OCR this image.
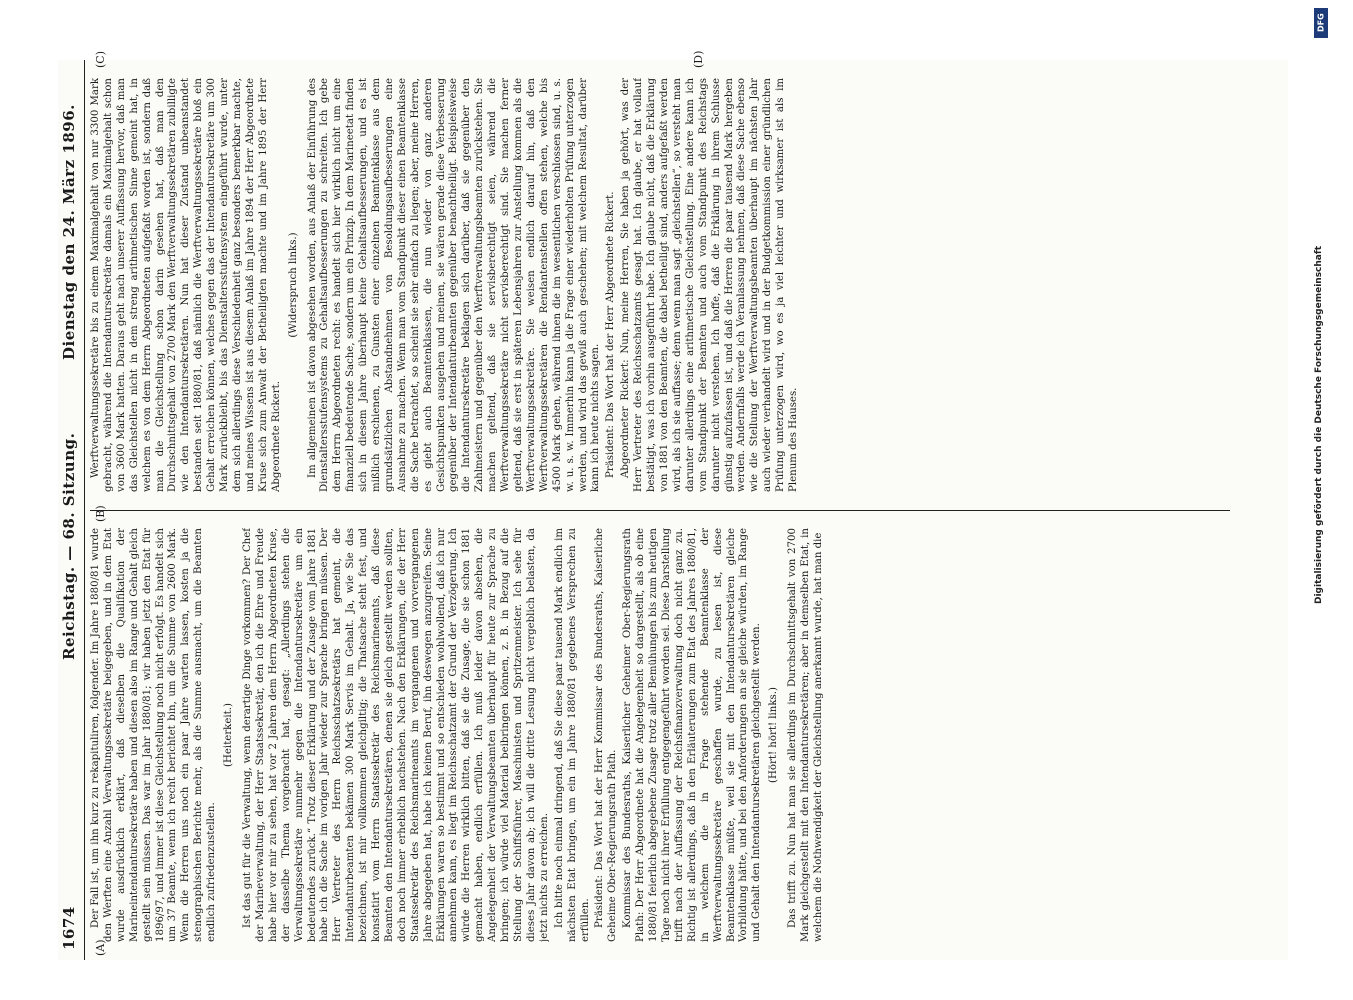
1674
Reichstag. — 68. Sitzung.
Dienstag den 24. März 1896.
(A)
(B)
(C)	(D)

Der Fall ist, um ihn kurz zu rekapituliren, folgender. Im Jahre 1880/81 wurde den Werften eine Anzahl Verwaltungssekretäre beigegeben, und in dem Etat wurde ausdrücklich erklärt, daß dieselben die Qualifikation der Marineintendantursekretäre haben und diesen also im Range und Gehalt gleich gestellt sein müssen. Das war im Jahr 1880/81; wir haben jetzt den Etat für 1896/97, und immer ist diese Gleichstellung noch nicht erfolgt. Es handelt sich um 37 Beamte, wenn ich recht berichtet bin, um die Summe von 2600 Mark. Wenn die Herren uns noch ein paar Jahre warten lassen, kosten ja die stenographischen Berichte mehr, als die Summe ausmacht, um die Beamten endlich zufriedenzustellen.

(Heiterkeit.) Ist das gut für die Verwaltung, wenn derartige Dinge vorkommen? Der Chef der Marineverwaltung, der Herr Staatssekretär, den ich die Ehre und Freude habe hier vor mir zu sehen, hat vor 2 Jahren dem Herrn Abgeordneten Kruse, der dasselbe Thema vorgebracht hat, gesagt: „Allerdings stehen die Verwaltungssekretäre nunmehr gegen die Intendantursekretäre um ein bedeutendes zurück.“ Trotz dieser Erklärung und der Zusage vom Jahre 1881 habe ich die Sache im vorigen Jahr wieder zur Sprache bringen müssen. Der Herr Vertreter des Herrn Reichsschatzsekretärs hat gemeint, die Intendanturbeamten bekämen 300 Mark Servis im Gehalt. Ja, wie Sie das bezeichnen, ist mir vollkommen gleichgiltig; die Thatsache steht fest, und konstatirt vom Herrn Staatssekretär des Reichsmarineamts, daß diese Beamten den Intendantursekretären, denen sie gleich gestellt werden sollten, doch noch immer erheblich nachstehen. Nach den Erklärungen, die der Herr Staatssekretär des Reichsmarineamts im vergangenen und vorvergangenen Jahre abgegeben hat, habe ich keinen Beruf, ihn deswegen anzugreifen. Seine Erklärungen waren so bestimmt und so entschieden wohlwollend, daß ich nur annehmen kann, es liegt im Reichsschatzamt der Grund der Verzögerung. Ich würde die Herren wirklich bitten, daß sie die Zusage, die sie schon 1881 gemacht haben, endlich erfüllen. Ich muß leider davon absehen, die Angelegenheit der Verwaltungsbeamten überhaupt für heute zur Sprache zu bringen; ich würde viel Material beibringen können, z. B. in Bezug auf die Stellung der Schiffsführer, Maschinisten und Spritzenmeister. Ich sehe für dieses Jahr davon ab; ich will die dritte Lesung nicht vergeblich belasten, da jetzt nichts zu erreichen. Ich bitte noch einmal dringend, daß Sie diese paar tausend Mark endlich im nächsten Etat bringen, um ein im Jahre 1880/81 gegebenes Versprechen zu erfüllen. Präsident: Das Wort hat der Herr Kommissar des Bundesraths, Kaiserliche Geheime Ober-Regierungsrath Plath. Kommissar des Bundesraths, Kaiserlicher Geheimer Ober-Regierungsrath Plath: Der Herr Abgeordnete hat die Angelegenheit so dargestellt, als ob eine 1880/81 feierlich abgegebene Zusage trotz aller Bemühungen bis zum heutigen Tage noch nicht ihrer Erfüllung entgegengeführt worden sei. Diese Darstellung trifft nach der Auffassung der Reichsfinanzverwaltung doch nicht ganz zu. Richtig ist allerdings, daß in den Erläuterungen zum Etat des Jahres 1880/81, in welchem die in Frage stehende Beamtenklasse der Werftverwaltungssekretäre geschaffen wurde, zu lesen ist, diese Beamtenklasse müßte, weil sie mit den Intendantursekretären gleiche Vorbildung hätte, und bei den Anforderungen an sie gleiche würden, im Range und Gehalt den Intendantursekretären gleichgestellt werden. (Hört! hört! links.) Das trifft zu. Nun hat man sie allerdings im Durchschnittsgehalt von 2700 Mark gleichgestellt mit den Intendantursekretären; aber in demselben Etat, in welchem die Nothwendigkeit der Gleichstellung anerkannt wurde, hat man die

Werftverwaltungssekretäre bis zu einem Maximalgehalt von nur 3300 Mark gebracht, während die Intendantursekretäre damals ein Maximalgehalt schon von 3600 Mark hatten. Daraus geht nach unserer Auffassung hervor, daß man das Gleichstellen nicht in dem streng arithmetischen Sinne gemeint hat, in welchem es von dem Herrn Abgeordneten aufgefaßt worden ist, sondern daß man die Gleichstellung schon darin gesehen hat, daß man den Durchschnittsgehalt von 2700 Mark den Werftverwaltungssekretären zubilligte wie den Intendantursekretären. Nun hat dieser Zustand unbeanstandet bestanden seit 1880/81, daß nämlich die Werftverwaltungssekretäre bloß ein Gehalt erreichen können, welches gegen das der Intendantursekretäre um 300 Mark zurückbleibt, bis das Dienstaltersstufensystem eingeführt wurde, unter dem sich allerdings diese Verschiedenheit ganz besonders bemerkbar machte, und meines Wissens ist aus diesem Anlaß im Jahre 1894 der Herr Abgeordnete Kruse sich zum Anwalt der Betheiligten machte und im Jahre 1895 der Herr Abgeordnete Rickert.

(Widerspruch links.) Im allgemeinen ist davon abgesehen worden, aus Anlaß der Einführung des Dienstaltersstufensystems zu Gehaltsaufbesserungen zu schreiten. Ich gebe dem Herrn Abgeordneten recht: es handelt sich hier wirklich nicht um eine finanziell bedeutende Sache, sondern um ein Prinzip. In dem Marineetat finden sich in diesem Jahre überhaupt keine Gehaltsaufbesserungen, und es ist mißlich erschienen, zu Gunsten einer einzelnen Beamtenklasse aus dem grundsätzlichen Abstandnehmen von Besoldungsaufbesserungen eine Ausnahme zu machen. Wenn man vom Standpunkt dieser einen Beamtenklasse die Sache betrachtet, so scheint sie sehr einfach zu liegen; aber, meine Herren, es giebt auch Beamtenklassen, die nun wieder von ganz anderen Gesichtspunkten ausgehen und meinen, sie wären gerade diese Verbesserung gegenüber der Intendanturbeamten gegenüber benachtheiligt. Beispielsweise die Intendantursekretäre beklagen sich darüber, daß sie gegenüber den Zahlmeistern und gegenüber den Werftverwaltungsbeamten zurückstehen. Sie machen geltend, daß sie servisberechtigt seien, während die Werftverwaltungssekretäre nicht servisberechtigt sind. Sie machen ferner geltend, daß sie erst in späteren Lebensjahren zur Anstellung kommen als die Werftverwaltungssekretäre. Sie weisen endlich darauf hin, daß den Werftverwaltungssekretären die Rendantenstellen offen stehen, welche bis 4500 Mark gehen, während ihnen die im wesentlichen verschlossen sind, u. s. w. u. s. w. Immerhin kann ja die Frage einer wiederholten Prüfung unterzogen werden, und wird das gewiß auch geschehen; mit welchem Resultat, darüber kann ich heute nichts sagen. Präsident: Das Wort hat der Herr Abgeordnete Rickert. Abgeordneter Rickert: Nun, meine Herren, Sie haben ja gehört, was der Herr Vertreter des Reichsschatzamts gesagt hat. Ich glaube, er hat vollauf bestätigt, was ich vorhin ausgeführt habe. Ich glaube nicht, daß die Erklärung von 1881 von den Beamten, die dabei betheiligt sind, anders aufgefaßt werden wird, als ich sie auffasse; denn wenn man sagt „gleichstellen“, so versteht man darunter allerdings eine arithmetische Gleichstellung. Eine andere kann ich vom Standpunkt der Beamten und auch vom Standpunkt des Reichstags darunter nicht verstehen. Ich hoffe, daß die Erklärung in ihrem Schlusse günstig aufzufassen ist, und daß die Herren die paar tausend Mark hergeben werden. Andernfalls werde ich Veranlassung nehmen, daß diese Sache ebenso wie die Stellung der Werftverwaltungsbeamten überhaupt im nächsten Jahr auch wieder verhandelt wird und in der Budgetkommission einer gründlichen Prüfung unterzogen wird, wo es ja viel leichter und wirksamer ist als im Plenum des Hauses.

DFG
Digitalisierung gefördert durch die Deutsche Forschungsgemeinschaft
